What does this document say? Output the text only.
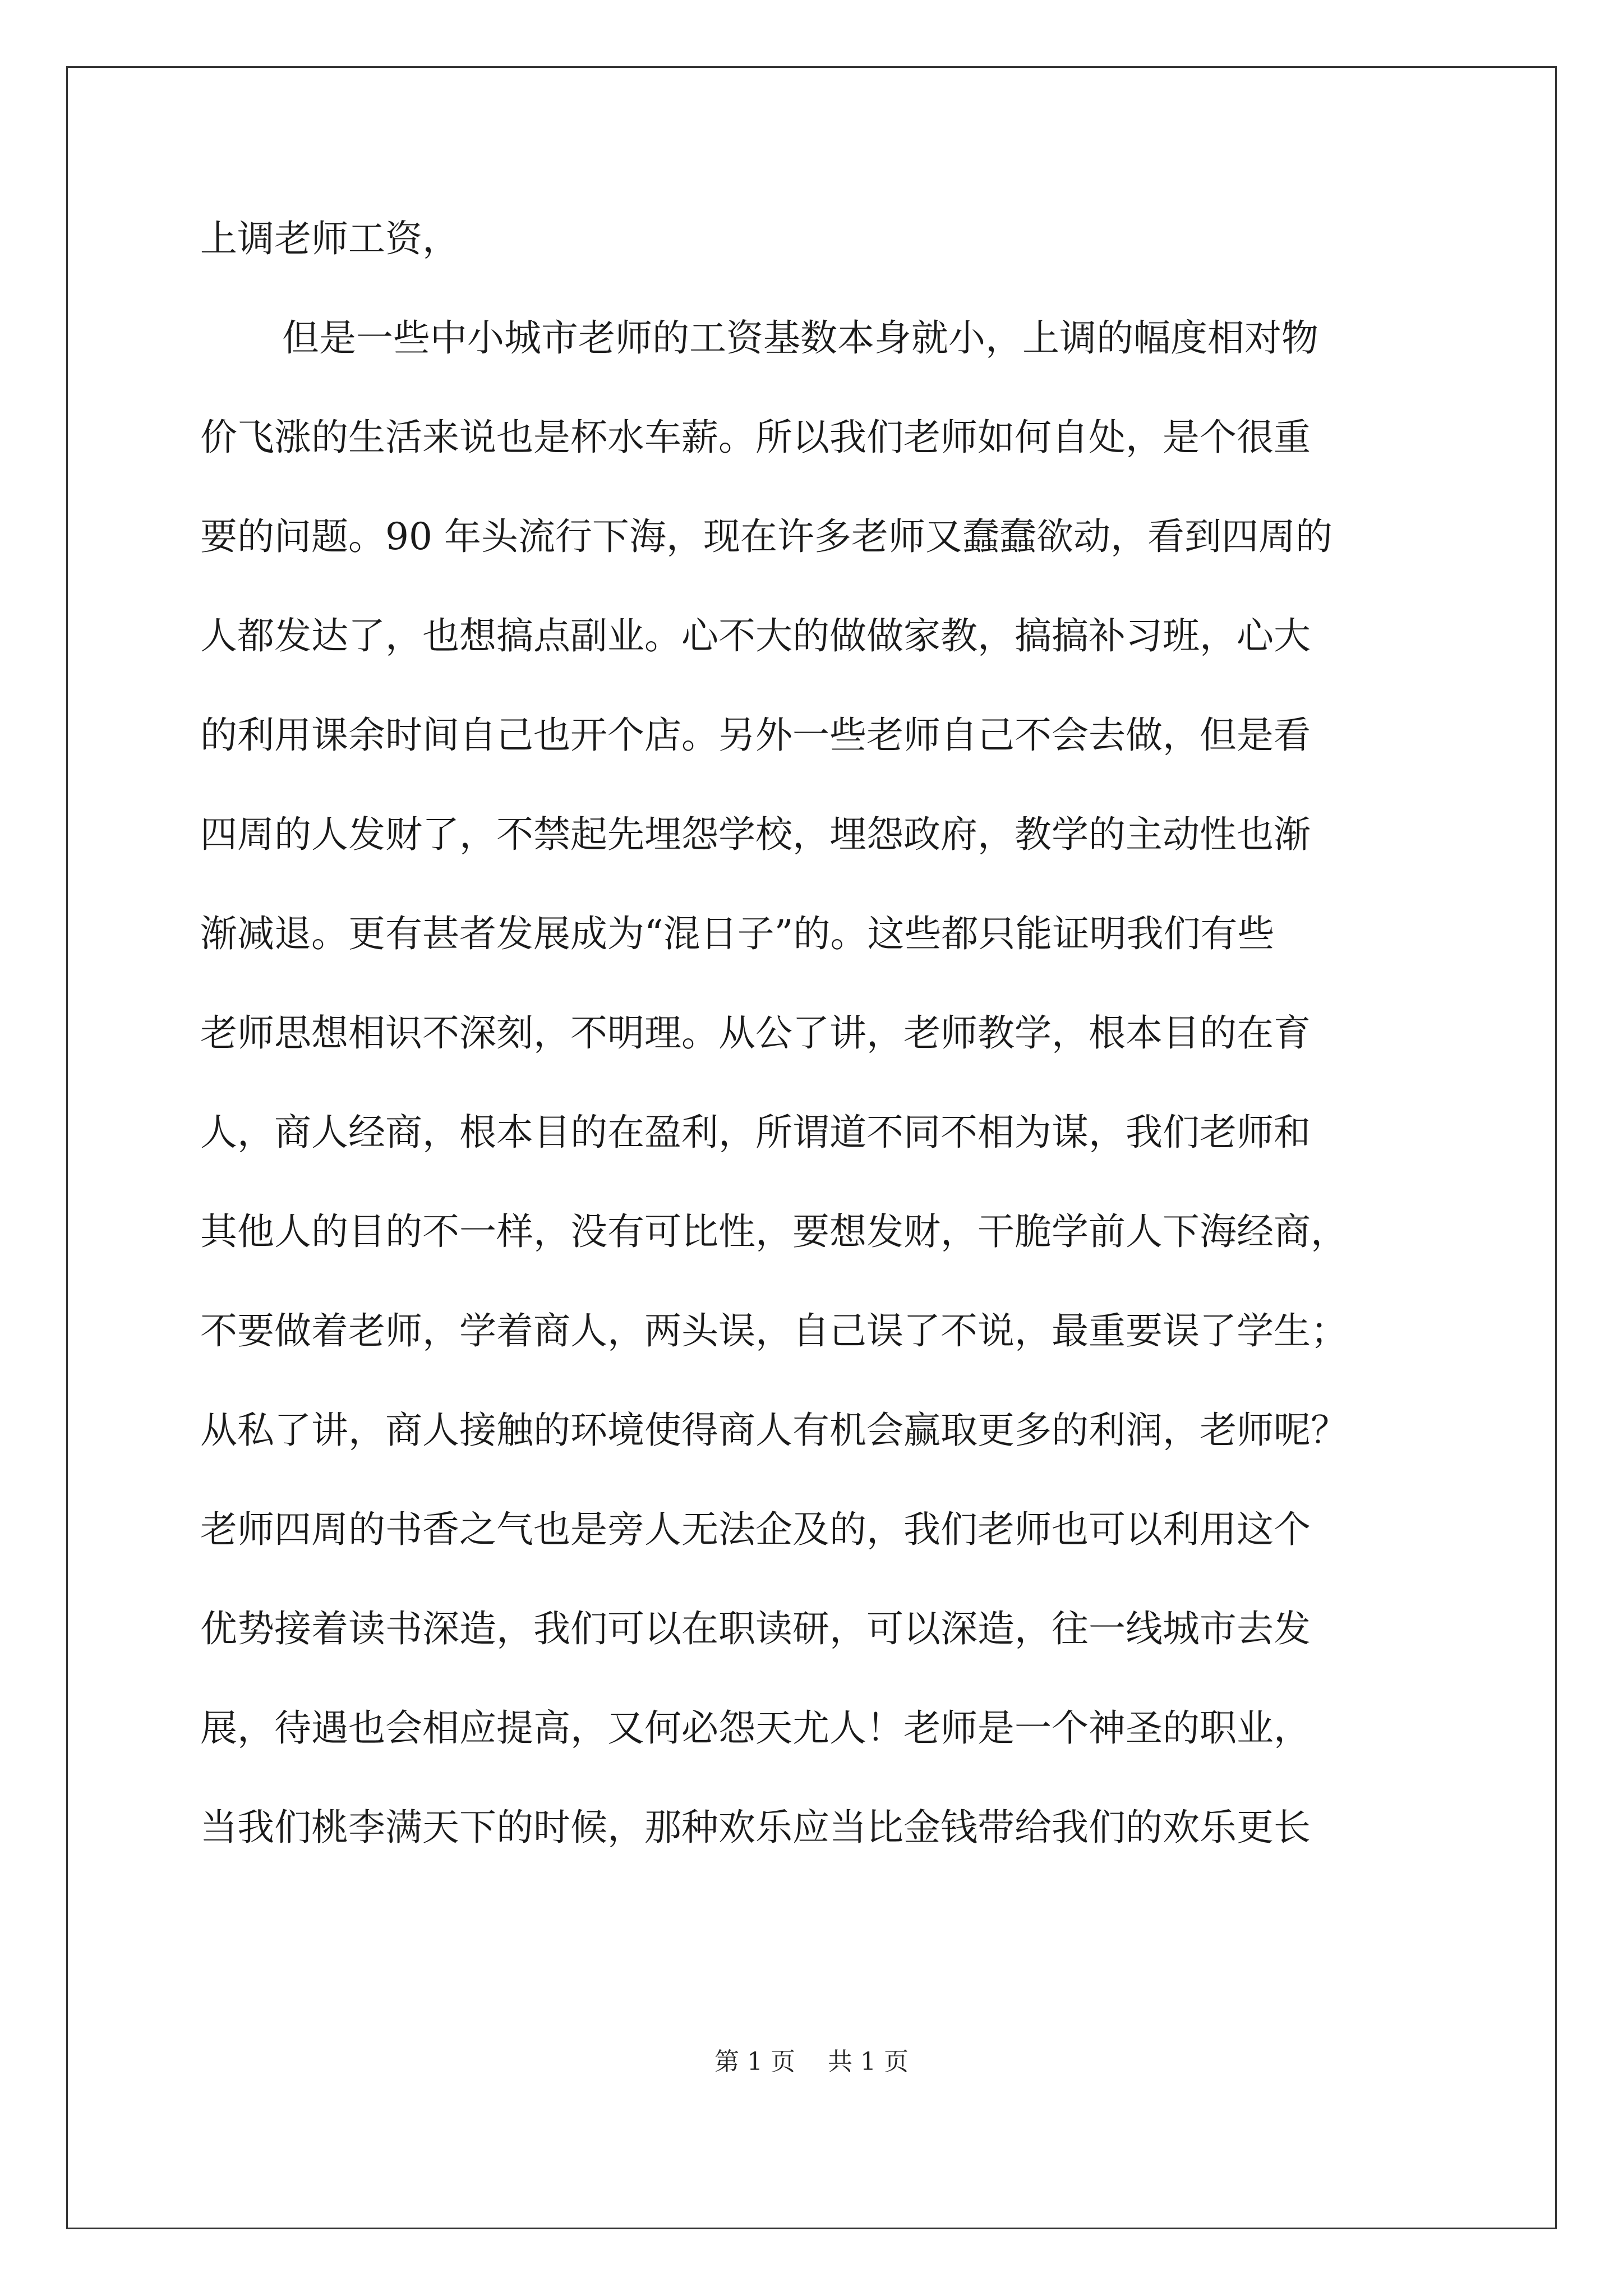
上调老师工资，
但是一些中小城市老师的工资基数本身就小，上调的幅度相对物
价飞涨的生活来说也是杯水车薪。所以我们老师如何自处，是个很重
要的问题。90 年头流行下海，现在许多老师又蠢蠢欲动，看到四周的
人都发达了，也想搞点副业。心不大的做做家教，搞搞补习班，心大
的利用课余时间自己也开个店。另外一些老师自己不会去做，但是看
四周的人发财了，不禁起先埋怨学校，埋怨政府，教学的主动性也渐
渐减退。更有甚者发展成为“混日子”的。这些都只能证明我们有些
老师思想相识不深刻，不明理。从公了讲，老师教学，根本目的在育
人，商人经商，根本目的在盈利，所谓道不同不相为谋，我们老师和
其他人的目的不一样，没有可比性，要想发财，干脆学前人下海经商，
不要做着老师，学着商人，两头误，自己误了不说，最重要误了学生；
从私了讲，商人接触的环境使得商人有机会赢取更多的利润，老师呢？
老师四周的书香之气也是旁人无法企及的，我们老师也可以利用这个
优势接着读书深造，我们可以在职读研，可以深造，往一线城市去发
展，待遇也会相应提高，又何必怨天尤人！老师是一个神圣的职业，
当我们桃李满天下的时候，那种欢乐应当比金钱带给我们的欢乐更长
第 1 页 共 1 页
